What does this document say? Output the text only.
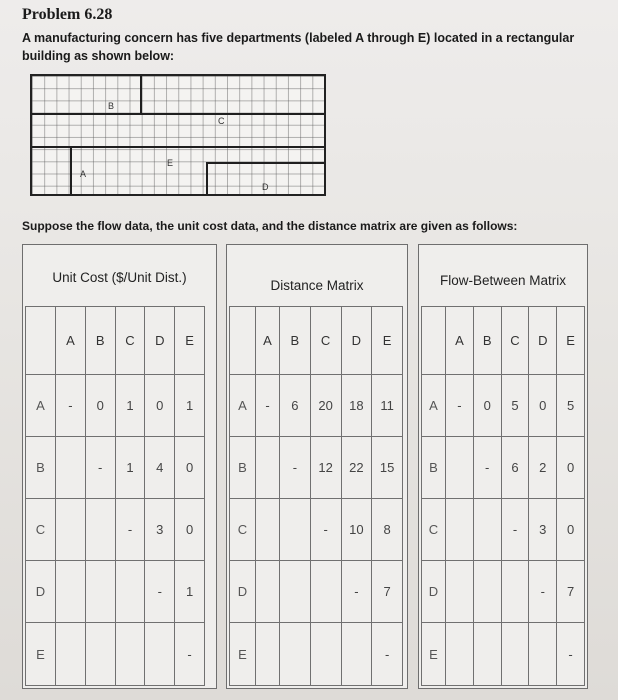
Problem 6.28
A manufacturing concern has five departments (labeled A through E) located in a rectangular building as shown below:
B
C
A
E
D
Suppose the flow data, the unit cost data, and the distance matrix are given as follows:
Unit Cost ($/Unit Dist.)
	A	B	C	D	E
A	-	0	1	0	1
B		-	1	4	0
C			-	3	0
D				-	1
E					-
Distance Matrix
	A	B	C	D	E
A	-	6	20	18	11
B		-	12	22	15
C			-	10	8
D				-	7
E					-
Flow-Between Matrix
	A	B	C	D	E
A	-	0	5	0	5
B		-	6	2	0
C			-	3	0
D				-	7
E					-
